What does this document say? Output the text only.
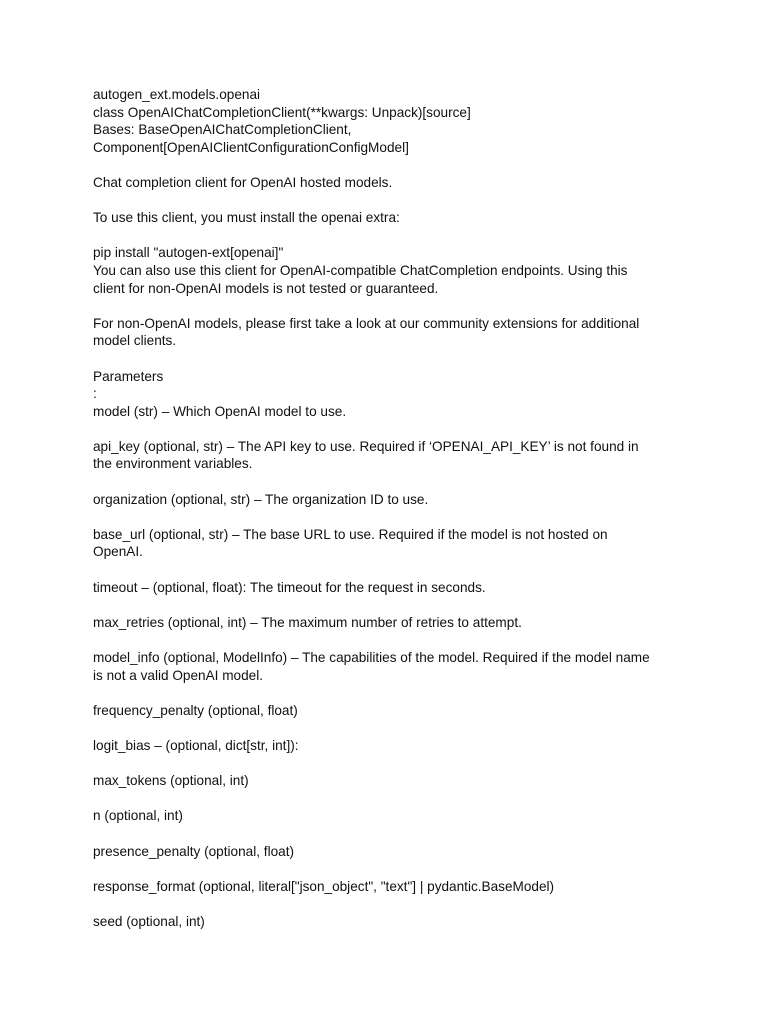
autogen_ext.models.openai
class OpenAIChatCompletionClient(**kwargs: Unpack)[source]
Bases: BaseOpenAIChatCompletionClient,
Component[OpenAIClientConfigurationConfigModel]
Chat completion client for OpenAI hosted models.
To use this client, you must install the openai extra:
pip install "autogen-ext[openai]"
You can also use this client for OpenAI-compatible ChatCompletion endpoints. Using this
client for non-OpenAI models is not tested or guaranteed.
For non-OpenAI models, please first take a look at our community extensions for additional
model clients.
Parameters
:
model (str) – Which OpenAI model to use.
api_key (optional, str) – The API key to use. Required if ‘OPENAI_API_KEY’ is not found in
the environment variables.
organization (optional, str) – The organization ID to use.
base_url (optional, str) – The base URL to use. Required if the model is not hosted on
OpenAI.
timeout – (optional, float): The timeout for the request in seconds.
max_retries (optional, int) – The maximum number of retries to attempt.
model_info (optional, ModelInfo) – The capabilities of the model. Required if the model name
is not a valid OpenAI model.
frequency_penalty (optional, float)
logit_bias – (optional, dict[str, int]):
max_tokens (optional, int)
n (optional, int)
presence_penalty (optional, float)
response_format (optional, literal["json_object", "text"] | pydantic.BaseModel)
seed (optional, int)
